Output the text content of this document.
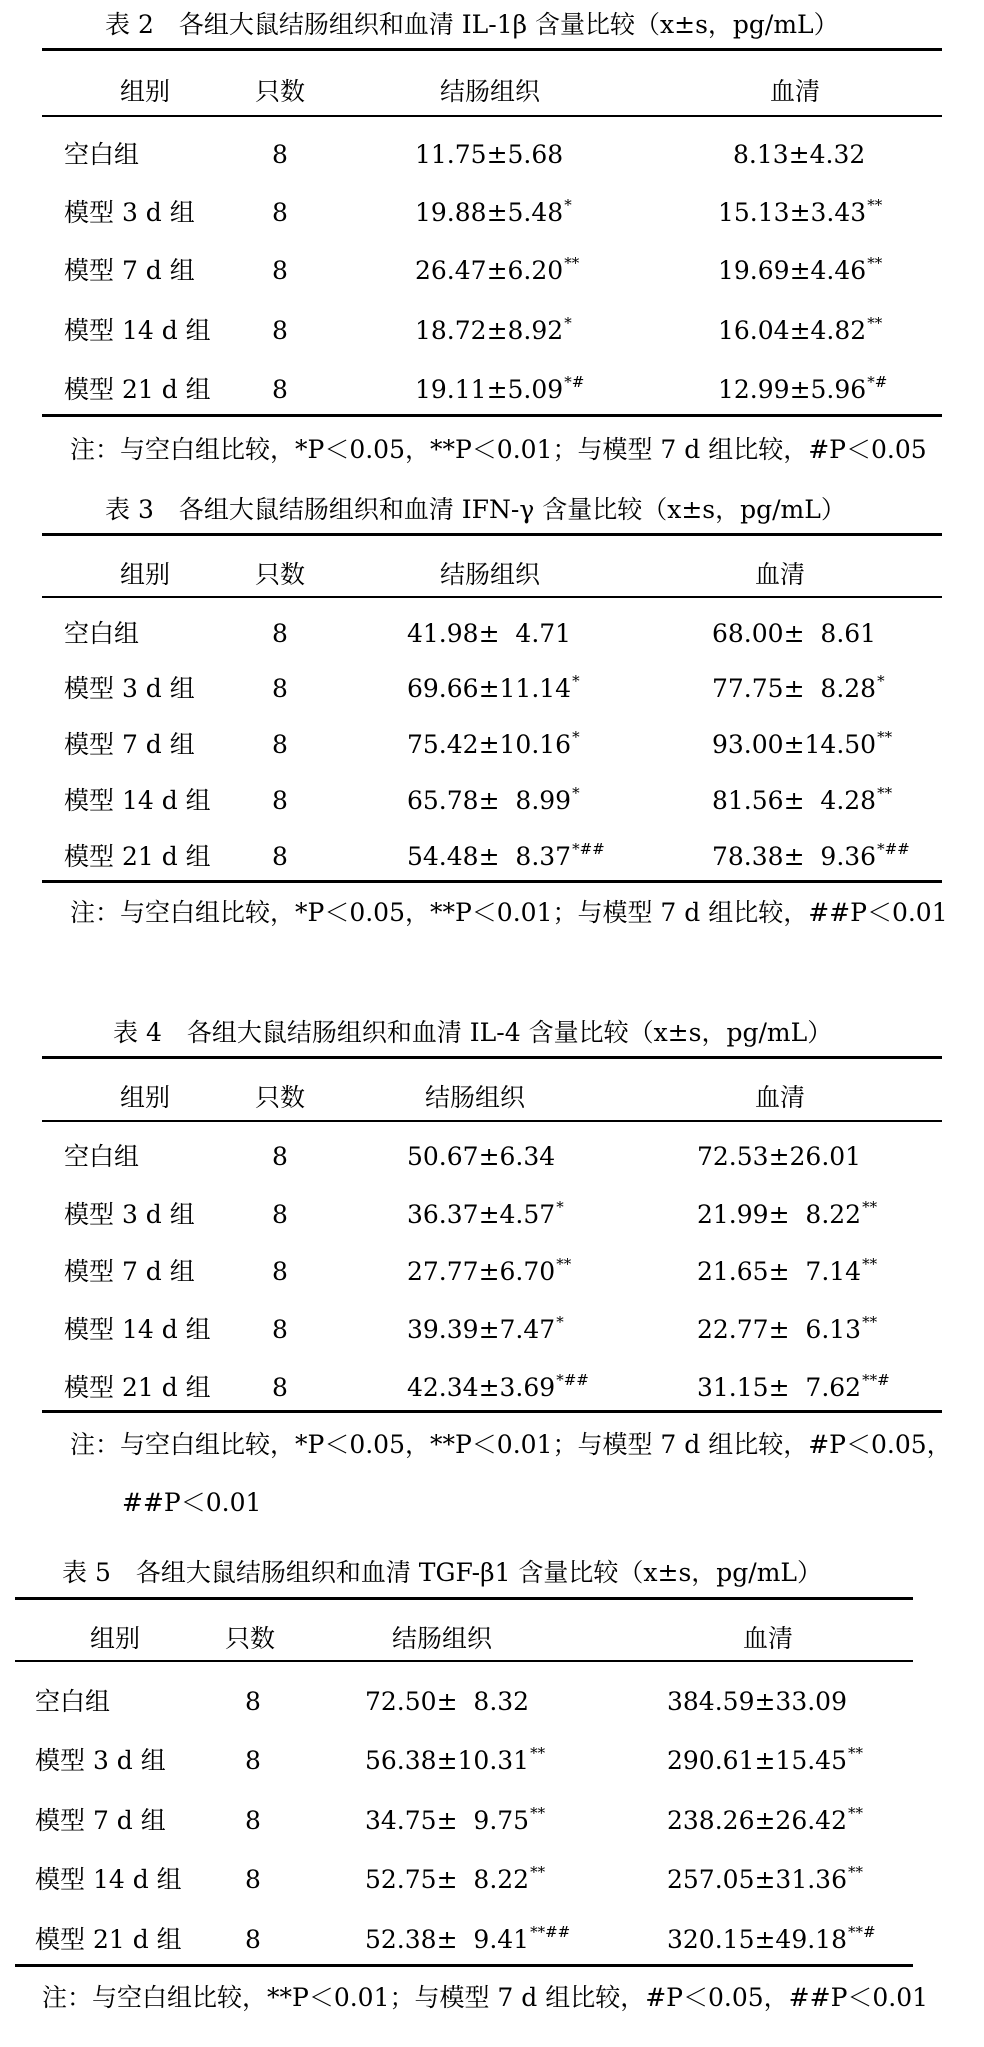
表 2　各组大鼠结肠组织和血清 IL-1β 含量比较（x±s，pg/mL）
组别	只数	结肠组织	血清
空白组	8	11.75±5.68	8.13±4.32
模型 3 d 组	8	19.88±5.48*	15.13±3.43**
模型 7 d 组	8	26.47±6.20**	19.69±4.46**
模型 14 d 组 8	18.72±8.92*	16.04±4.82**
模型 21 d 组 8	19.11±5.09*#	12.99±5.96*#
注：与空白组比较，*P＜0.05，**P＜0.01；与模型 7 d 组比较，#P＜0.05
表 3　各组大鼠结肠组织和血清 IFN-γ 含量比较（x±s，pg/mL）
组别	只数	结肠组织	血清
空白组	8	41.98±  4.71	68.00±  8.61
模型 3 d 组	8	69.66±11.14*	77.75±  8.28*
模型 7 d 组	8	75.42±10.16*	93.00±14.50**
模型 14 d 组 8	65.78±  8.99*	81.56±  4.28**
模型 21 d 组 8	54.48±  8.37*##	78.38±  9.36*##
注：与空白组比较，*P＜0.05，**P＜0.01；与模型 7 d 组比较，##P＜0.01
表 4　各组大鼠结肠组织和血清 IL-4 含量比较（x±s，pg/mL）
组别	只数	结肠组织	血清
空白组	8	50.67±6.34	72.53±26.01
模型 3 d 组	8	36.37±4.57*	21.99±  8.22**
模型 7 d 组	8	27.77±6.70**	21.65±  7.14**
模型 14 d 组 8	39.39±7.47*	22.77±  6.13**
模型 21 d 组 8	42.34±3.69*##	31.15±  7.62**#
注：与空白组比较，*P＜0.05，**P＜0.01；与模型 7 d 组比较，#P＜0.05，
##P＜0.01
表 5　各组大鼠结肠组织和血清 TGF-β1 含量比较（x±s，pg/mL）
组别	只数	结肠组织	血清
空白组	8	72.50±  8.32	384.59±33.09
模型 3 d 组	8	56.38±10.31**	290.61±15.45**
模型 7 d 组	8	34.75±  9.75**	238.26±26.42**
模型 14 d 组	8	52.75±  8.22**	257.05±31.36**
模型 21 d 组	8	52.38±  9.41**##	320.15±49.18**#
注：与空白组比较，**P＜0.01；与模型 7 d 组比较，#P＜0.05，##P＜0.01
